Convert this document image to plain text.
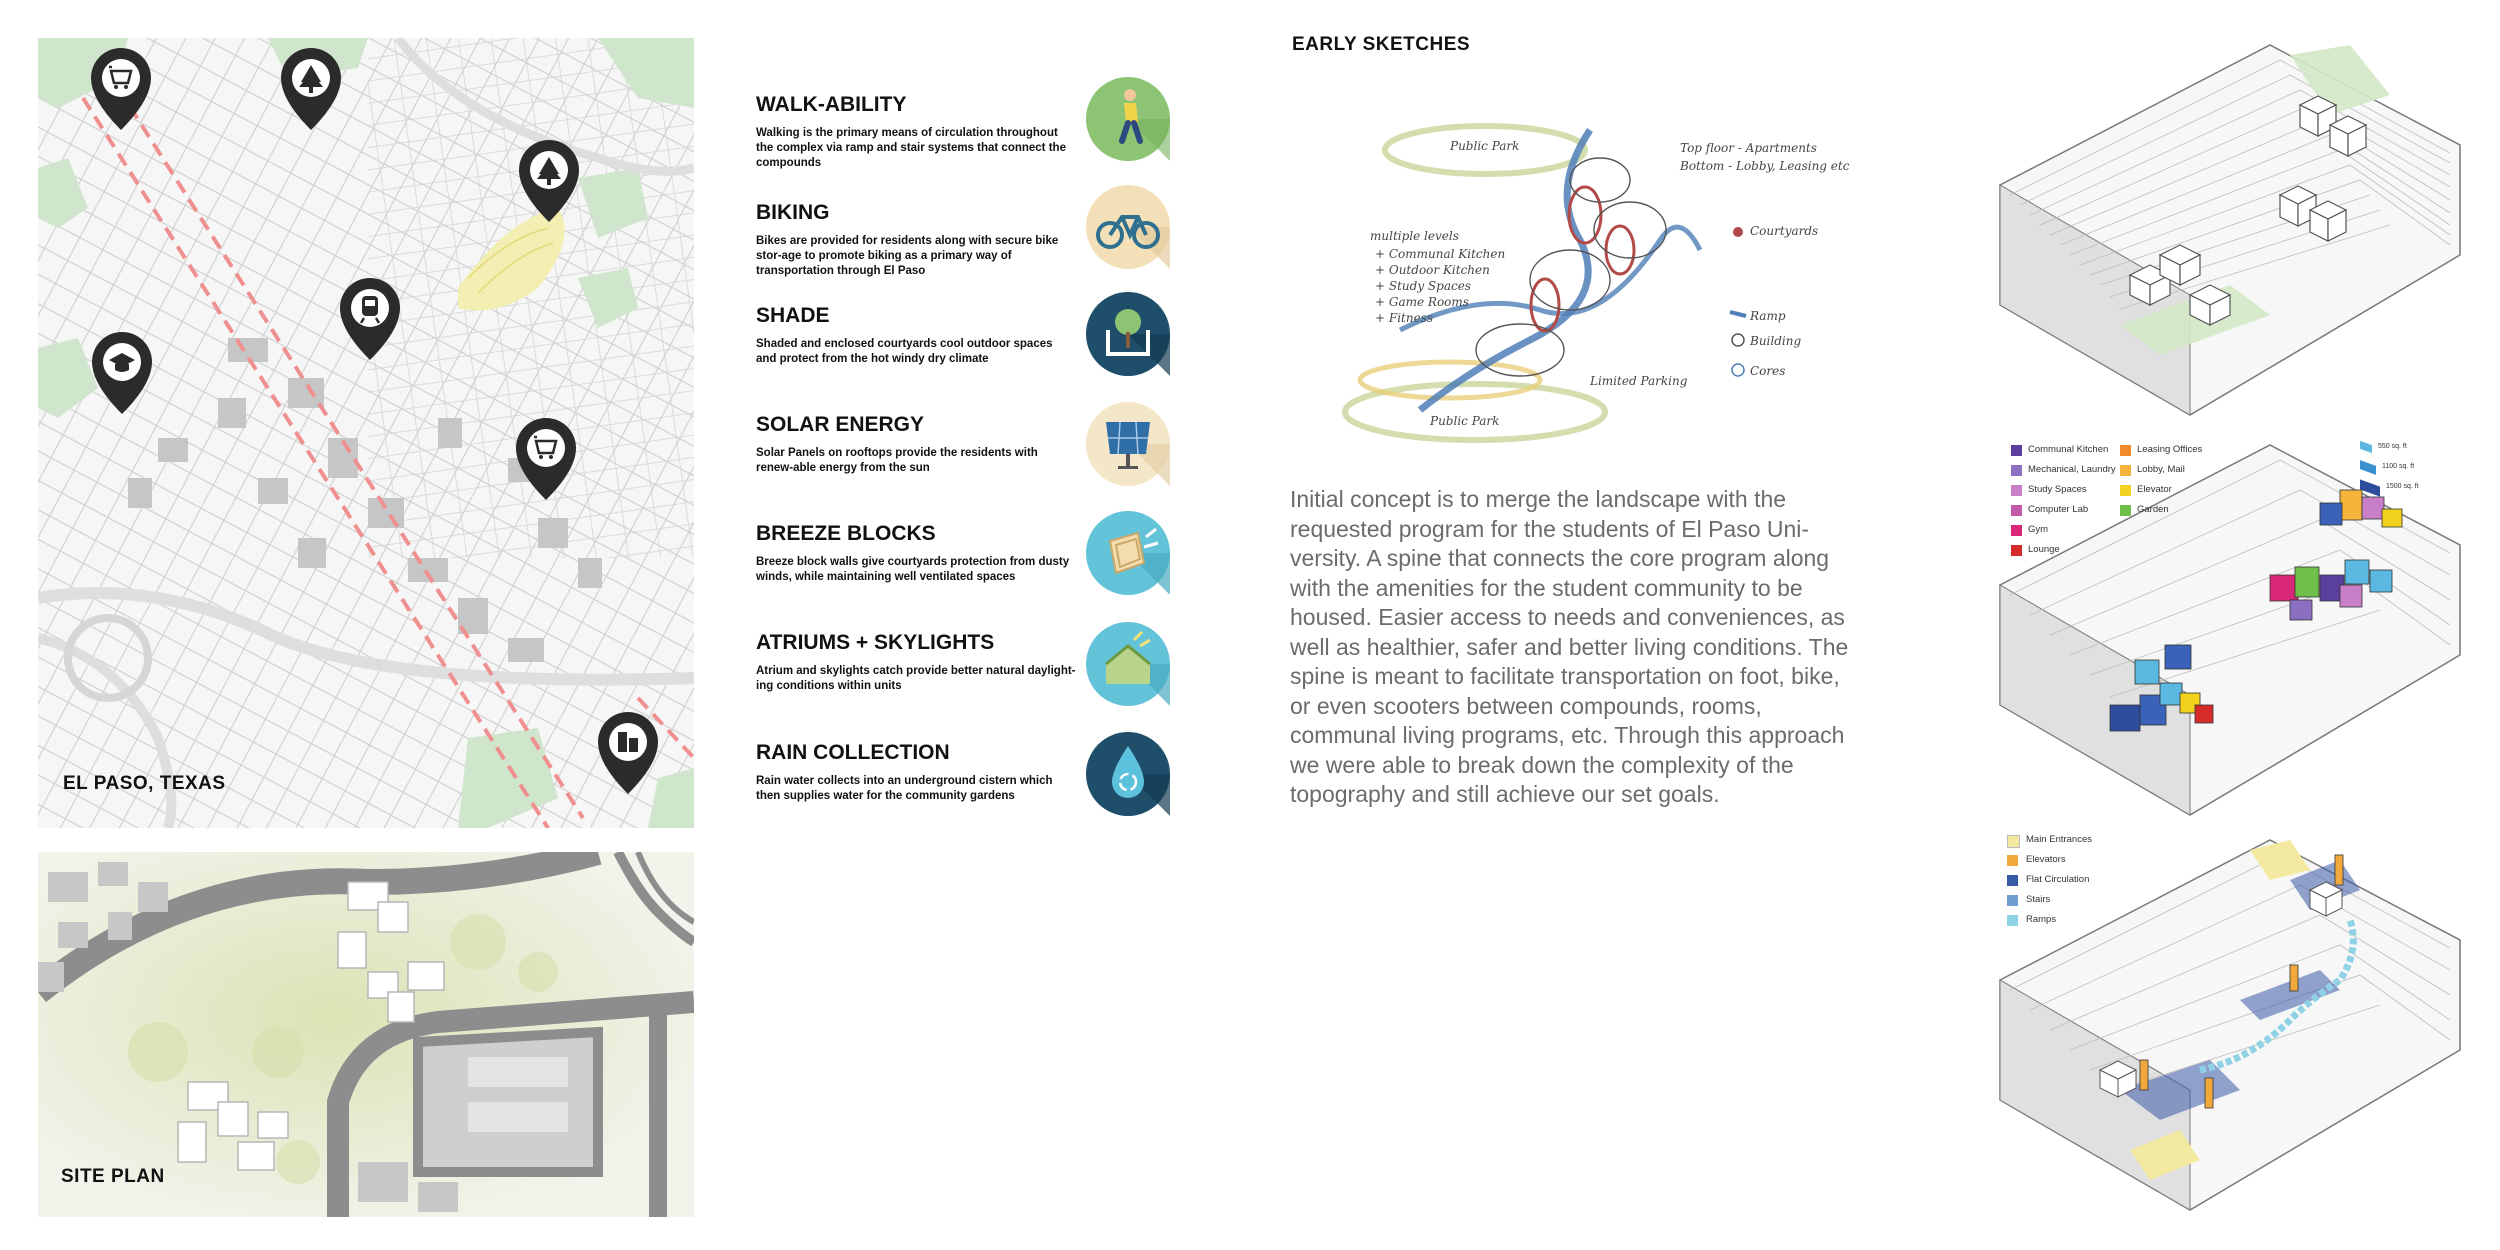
EL PASO, TEXAS
SITE PLAN
WALK-ABILITY
Walking is the primary means of circulation throughout the complex via ramp and stair systems that connect the compounds
BIKING
Bikes are provided for residents along with secure bike stor-age to promote biking as a primary way of transportation through El Paso
SHADE
Shaded and enclosed courtyards cool outdoor spaces and protect from the hot windy dry climate
SOLAR ENERGY
Solar Panels on rooftops provide the residents with renew-able energy from the sun
BREEZE BLOCKS
Breeze block walls give courtyards protection from dusty winds, while maintaining well ventilated spaces
ATRIUMS + SKYLIGHTS
Atrium and skylights catch provide better natural daylight-ing conditions within units
RAIN COLLECTION
Rain water collects into an underground cistern which then supplies water for the community gardens
EARLY SKETCHES
Public Park
Public Park
multiple levels
+ Communal Kitchen
+ Outdoor Kitchen
+ Study Spaces
+ Game Rooms
+ Fitness
Top floor - Apartments
Bottom - Lobby, Leasing etc
Courtyards
Ramp
Building
Cores
Limited Parking
Initial concept is to merge the landscape with the requested program for the students of El Paso Uni-versity. A spine that connects the core program along with the amenities for the student community to be housed. Easier access to needs and conveniences, as well as healthier, safer and better living conditions. The spine is meant to facilitate transportation on foot, bike, or even scooters between compounds, rooms, communal living programs, etc. Through this approach we were able to break down the complexity of the topography and still achieve our set goals.
Communal Kitchen
Mechanical, Laundry
Study Spaces
Computer Lab
Gym
Lounge
Leasing Offices
Lobby, Mail
Elevator
Garden
550 sq. ft
1100 sq. ft
1500 sq. ft
Main Entrances
Elevators
Flat Circulation
Stairs
Ramps
